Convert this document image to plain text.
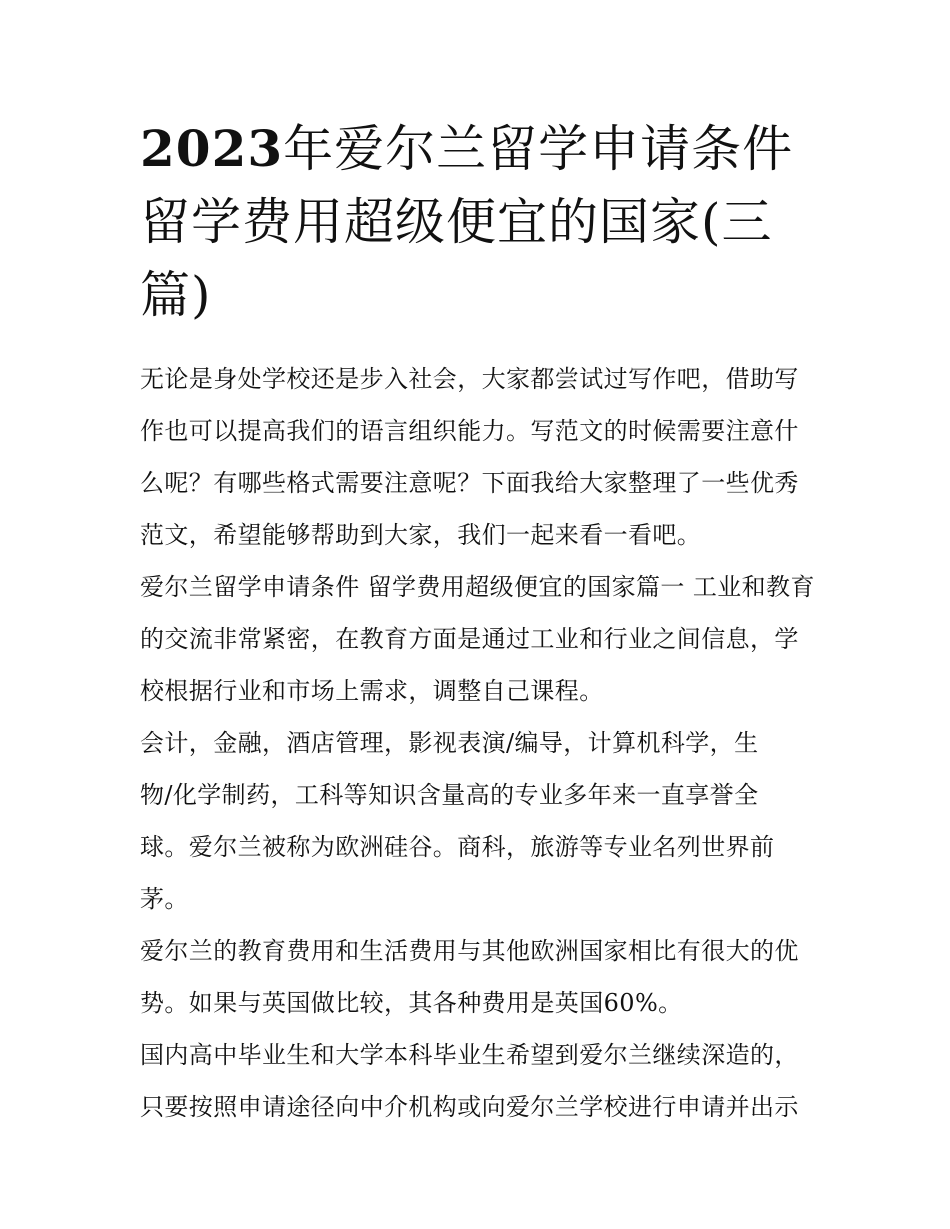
2023年爱尔兰留学申请条件 留学费用超级便宜的国家(三篇)

无论是身处学校还是步入社会，大家都尝试过写作吧，借助写作也可以提高我们的语言组织能力。写范文的时候需要注意什么呢？有哪些格式需要注意呢？下面我给大家整理了一些优秀范文，希望能够帮助到大家，我们一起来看一看吧。

爱尔兰留学申请条件 留学费用超级便宜的国家篇一 工业和教育的交流非常紧密，在教育方面是通过工业和行业之间信息，学校根据行业和市场上需求，调整自己课程。

会计，金融，酒店管理，影视表演/编导，计算机科学，生物/化学制药，工科等知识含量高的专业多年来一直享誉全球。爱尔兰被称为欧洲硅谷。商科，旅游等专业名列世界前茅。

爱尔兰的教育费用和生活费用与其他欧洲国家相比有很大的优势。如果与英国做比较，其各种费用是英国60%。

国内高中毕业生和大学本科毕业生希望到爱尔兰继续深造的，只要按照申请途径向中介机构或向爱尔兰学校进行申请并出示
